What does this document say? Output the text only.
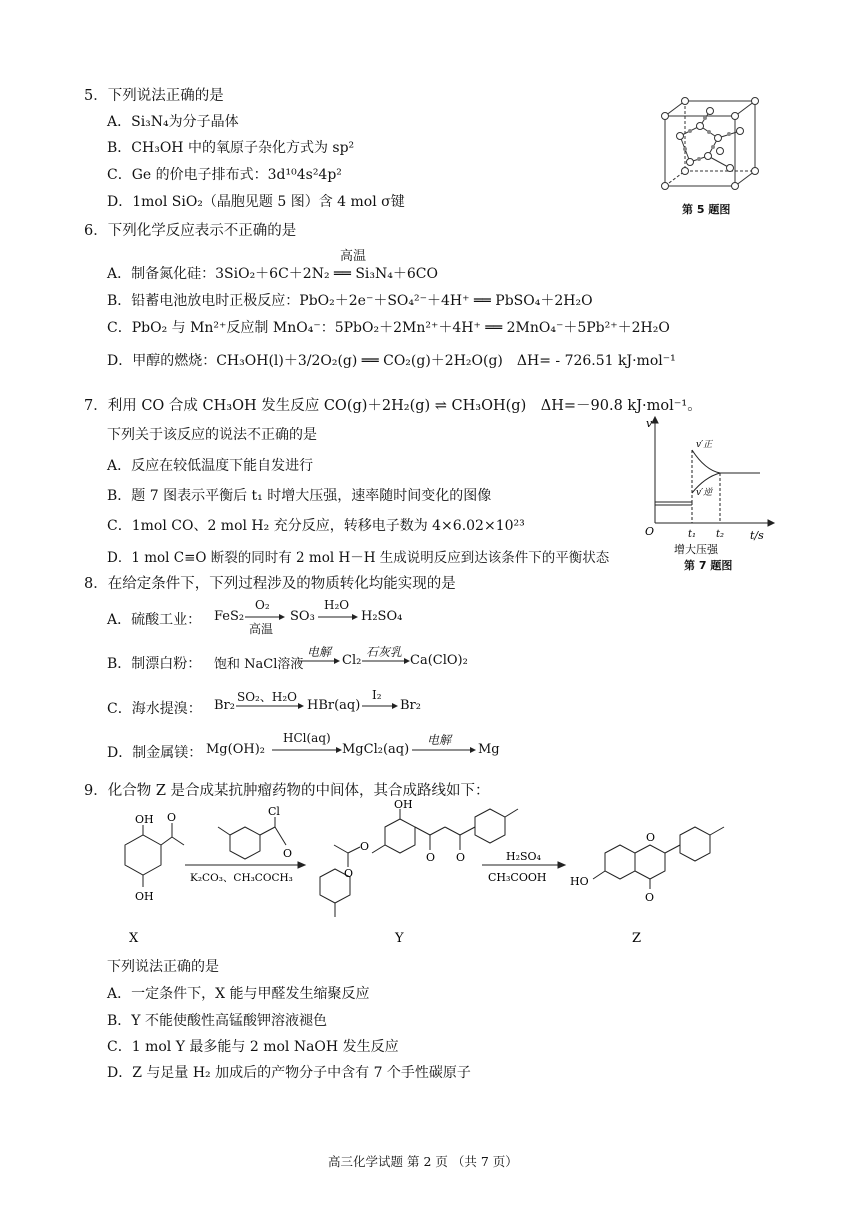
5．下列说法正确的是
A．Si₃N₄为分子晶体
B．CH₃OH 中的氧原子杂化方式为 sp²
C．Ge 的价电子排布式：3d¹⁰4s²4p²
D．1mol SiO₂（晶胞见题 5 图）含 4 mol σ键	第 5 题图
6．下列化学反应表示不正确的是
高温
A．制备氮化硅：3SiO₂＋6C＋2N₂ ══ Si₃N₄＋6CO
B．铅蓄电池放电时正极反应：PbO₂＋2e⁻＋SO₄²⁻＋4H⁺ ══ PbSO₄＋2H₂O
C．PbO₂ 与 Mn²⁺反应制 MnO₄⁻：5PbO₂＋2Mn²⁺＋4H⁺ ══ 2MnO₄⁻＋5Pb²⁺＋2H₂O
D．甲醇的燃烧：CH₃OH(l)＋3/2O₂(g) ══ CO₂(g)＋2H₂O(g)　ΔH= - 726.51 kJ·mol⁻¹
7．利用 CO 合成 CH₃OH 发生反应 CO(g)＋2H₂(g) ⇌ CH₃OH(g)　ΔH=－90.8 kJ·mol⁻¹。
下列关于该反应的说法不正确的是
A．反应在较低温度下能自发进行
B．题 7 图表示平衡后 t₁ 时增大压强，速率随时间变化的图像
C．1mol CO、2 mol H₂ 充分反应，转移电子数为 4×6.02×10²³
D．1 mol C≡O 断裂的同时有 2 mol H－H 生成说明反应到达该条件下的平衡状态
v
O	t₁ t₂ t/s
v′正
v′逆
增大压强
第 7 题图
8．在给定条件下，下列过程涉及的物质转化均能实现的是
A．硫酸工业： FeS₂
O₂
高温
SO₃
H₂O
H₂SO₄
B．制漂白粉： 饱和 NaCl溶液
电解
Cl₂
石灰乳
Ca(ClO)₂
C．海水提溴： Br₂
SO₂、H₂O
HBr(aq)
I₂
Br₂
D．制金属镁： Mg(OH)₂
HCl(aq)
MgCl₂(aq)
电解
Mg
9．化合物 Z 是合成某抗肿瘤药物的中间体，其合成路线如下：
OH O
OH
Cl
O
K₂CO₃、CH₃COCH₃
OH
O O
O
O
H₂SO₄
CH₃COOH
O
O
HO
X	Y	Z
下列说法正确的是
A．一定条件下，X 能与甲醛发生缩聚反应
B．Y 不能使酸性高锰酸钾溶液褪色
C．1 mol Y 最多能与 2 mol NaOH 发生反应
D．Z 与足量 H₂ 加成后的产物分子中含有 7 个手性碳原子
高三化学试题 第 2 页 （共 7 页）
